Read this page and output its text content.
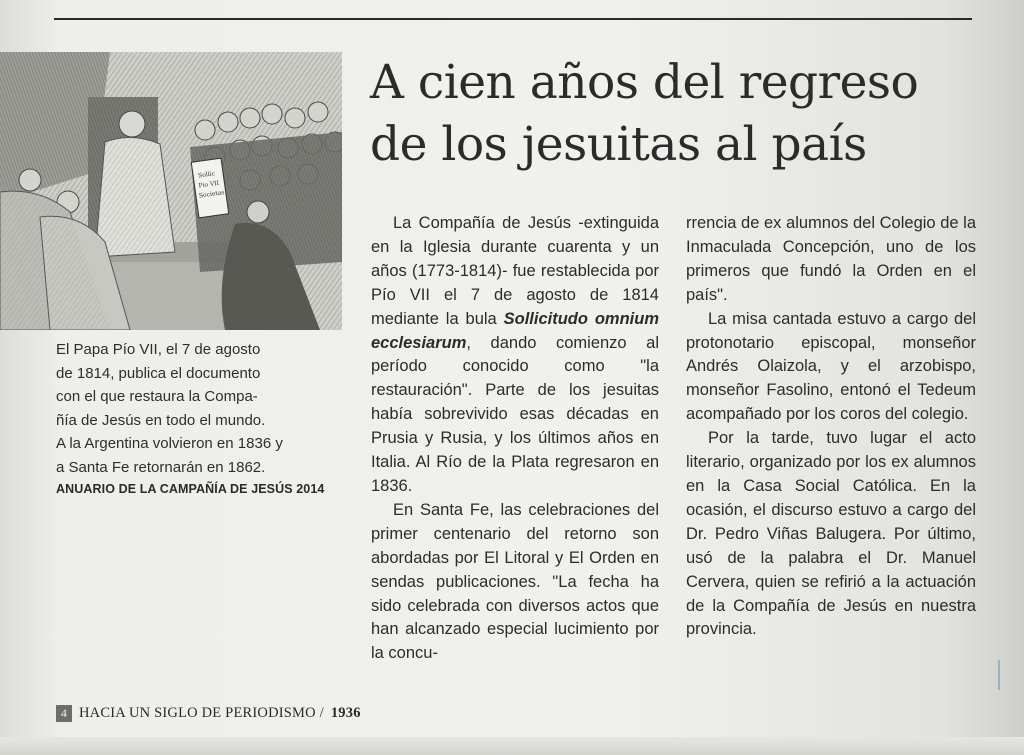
Sollic
Pio VII
Societas
El Papa Pío VII, el 7 de agosto
de 1814, publica el documento
con el que restaura la Compa-
ñía de Jesús en todo el mundo.
A la Argentina volvieron en 1836 y
a Santa Fe retornarán en 1862.
ANUARIO DE LA CAMPAÑÍA DE JESÚS 2014
A cien años del regreso
de los jesuitas al país

La Compañía de Jesús -extinguida en la Iglesia durante cuarenta y un años (1773-1814)- fue restablecida por Pío VII el 7 de agosto de 1814 mediante la bula Sollicitudo omnium ecclesiarum, dando comienzo al período conocido como "la restauración". Parte de los jesuitas había sobrevivido esas décadas en Prusia y Rusia, y los últimos años en Italia. Al Río de la Plata regresaron en 1836.

En Santa Fe, las celebraciones del primer centenario del retorno son abordadas por El Litoral y El Orden en sendas publicaciones. "La fecha ha sido celebrada con diversos actos que han alcanzado especial lucimiento por la concu-

rrencia de ex alumnos del Colegio de la Inmaculada Concepción, uno de los primeros que fundó la Orden en el país".

La misa cantada estuvo a cargo del protonotario episcopal, monseñor Andrés Olaizola, y el arzobispo, monseñor Fasolino, entonó el Tedeum acompañado por los coros del colegio.

Por la tarde, tuvo lugar el acto literario, organizado por los ex alumnos en la Casa Social Católica. En la ocasión, el discurso estuvo a cargo del Dr. Pedro Viñas Balugera. Por último, usó de la palabra el Dr. Manuel Cervera, quien se refirió a la actuación de la Compañía de Jesús en nuestra provincia.

4 HACIA UN SIGLO DE PERIODISMO / 1936
